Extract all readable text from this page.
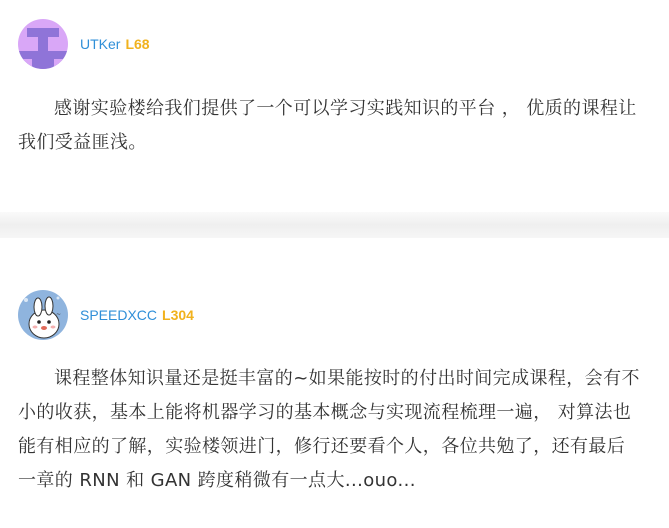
UTKer L68

感谢实验楼给我们提供了一个可以学习实践知识的平台 ， 优质的课程让我们受益匪浅。

~ SPEEDXCC L304

课程整体知识量还是挺丰富的~如果能按时的付出时间完成课程，会有不小的收获，基本上能将机器学习的基本概念与实现流程梳理一遍， 对算法也能有相应的了解，实验楼领进门，修行还要看个人，各位共勉了，还有最后一章的 RNN 和 GAN 跨度稍微有一点大...ouo...
